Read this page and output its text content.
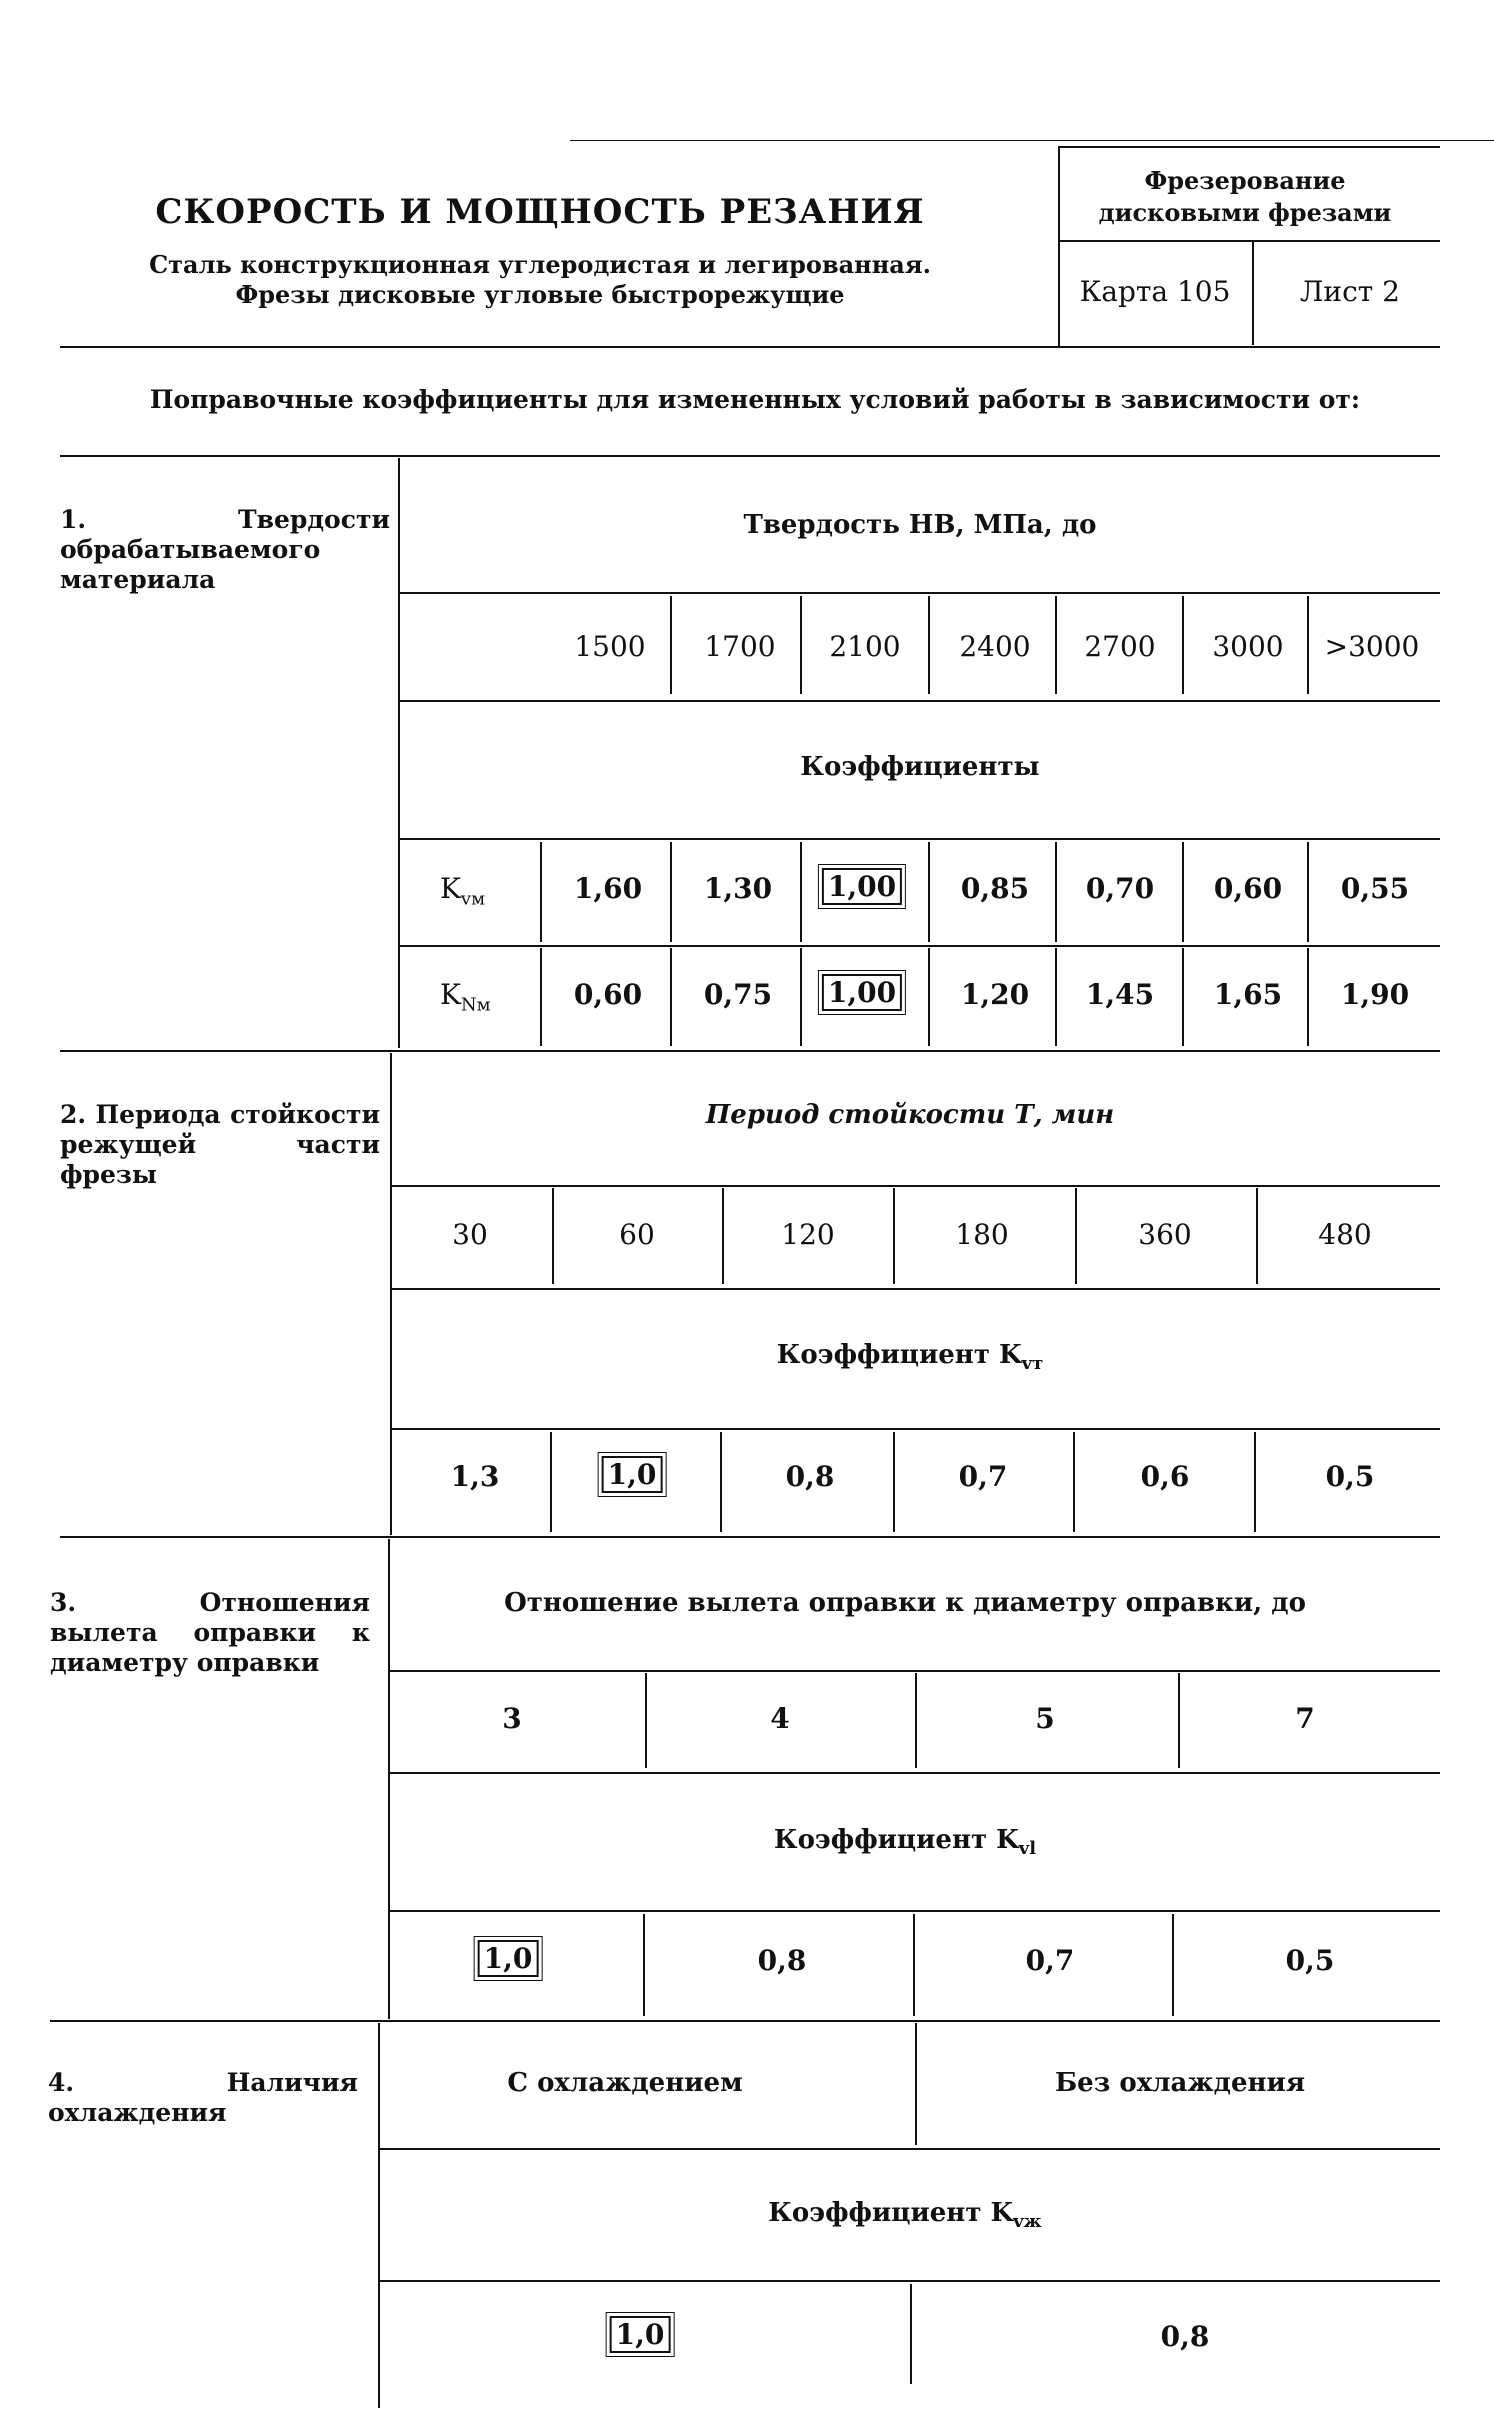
СКОРОСТЬ И МОЩНОСТЬ РЕЗАНИЯ
Сталь конструкционная углеродистая и легированная.
Фрезы дисковые угловые быстрорежущие
Фрезерование
дисковыми фрезами
Карта 105 Лист 2
Поправочные коэффициенты для измененных условий работы в зависимости от:
1. Твердости обрабатываемого материала
Твердость НВ, МПа, до
1500 1700 2100 2400 2700 3000 >3000
Коэффициенты
$K_{vм}$	1,60 1,30 1,00 0,85 0,70 0,60 0,55
$K_{Nм}$	0,60 0,75 1,00 1,20 1,45 1,65 1,90
2. Периода стойкости режущей части фрезы
Период стойкости Т, мин
30	60	120	180	360	480
Коэффициент $K_{vт}$
1,3	1,0	0,8	0,7	0,6	0,5
3. Отношения вылета оправки к диаметру оправки
Отношение вылета оправки к диаметру оправки, до
3	4	5	7
Коэффициент $K_{vl}$
1,0	0,8	0,7	0,5
4. Наличия охлаждения
С охлаждением	Без охлаждения
Коэффициент $K_{vж}$
1,0	0,8
